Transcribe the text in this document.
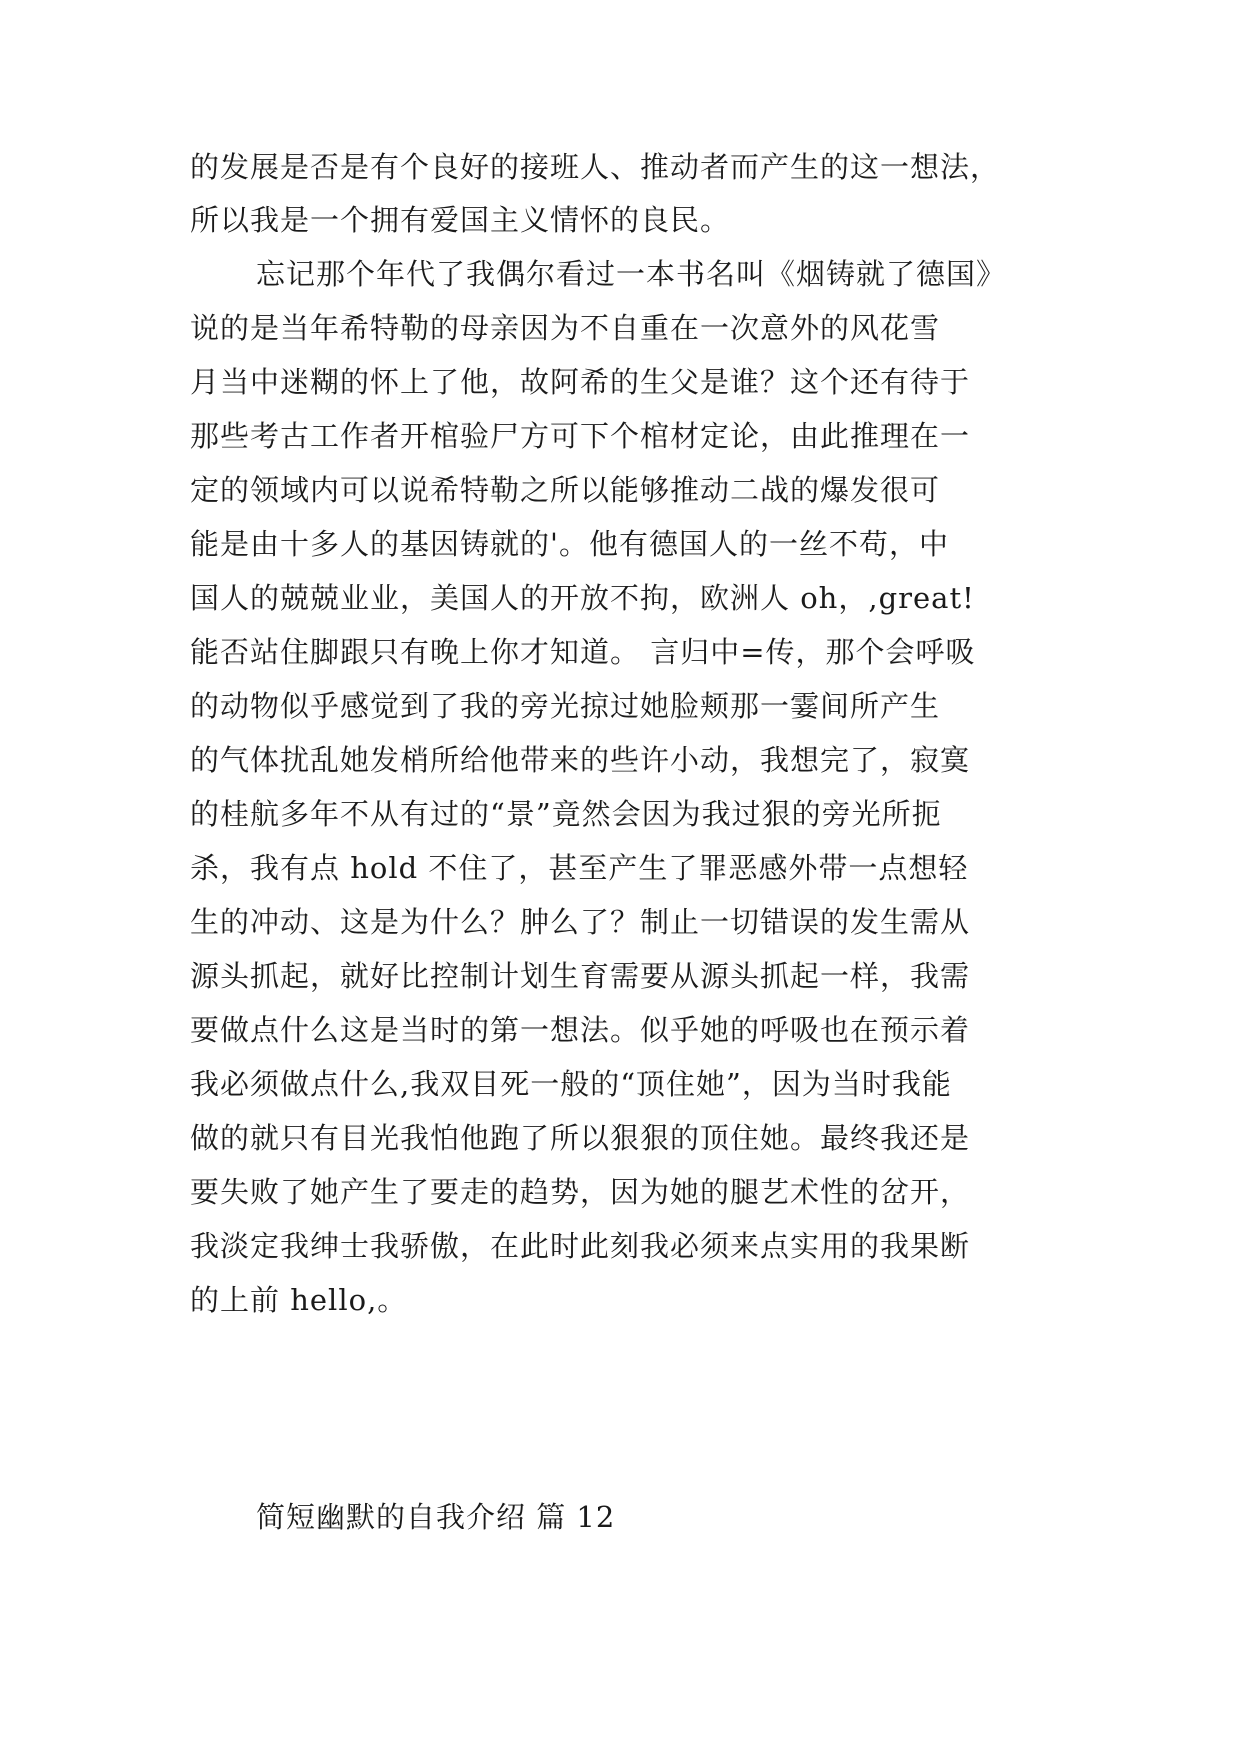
的发展是否是有个良好的接班人、推动者而产生的这一想法，
所以我是一个拥有爱国主义情怀的良民。
忘记那个年代了我偶尔看过一本书名叫《烟铸就了德国》
说的是当年希特勒的母亲因为不自重在一次意外的风花雪
月当中迷糊的怀上了他，故阿希的生父是谁？这个还有待于
那些考古工作者开棺验尸方可下个棺材定论，由此推理在一
定的领域内可以说希特勒之所以能够推动二战的爆发很可
能是由十多人的基因铸就的'。他有德国人的一丝不苟，中
国人的兢兢业业，美国人的开放不拘，欧洲人 oh，,great!
能否站住脚跟只有晚上你才知道。 言归中=传，那个会呼吸
的动物似乎感觉到了我的旁光掠过她脸颊那一霎间所产生
的气体扰乱她发梢所给他带来的些许小动，我想完了，寂寞
的桂航多年不从有过的“景”竟然会因为我过狠的旁光所扼
杀，我有点 hold 不住了，甚至产生了罪恶感外带一点想轻
生的冲动、这是为什么？肿么了？制止一切错误的发生需从
源头抓起，就好比控制计划生育需要从源头抓起一样，我需
要做点什么这是当时的第一想法。似乎她的呼吸也在预示着
我必须做点什么,我双目死一般的“顶住她”，因为当时我能
做的就只有目光我怕他跑了所以狠狠的顶住她。最终我还是
要失败了她产生了要走的趋势，因为她的腿艺术性的岔开，
我淡定我绅士我骄傲，在此时此刻我必须来点实用的我果断
的上前 hello,。
简短幽默的自我介绍 篇 12
